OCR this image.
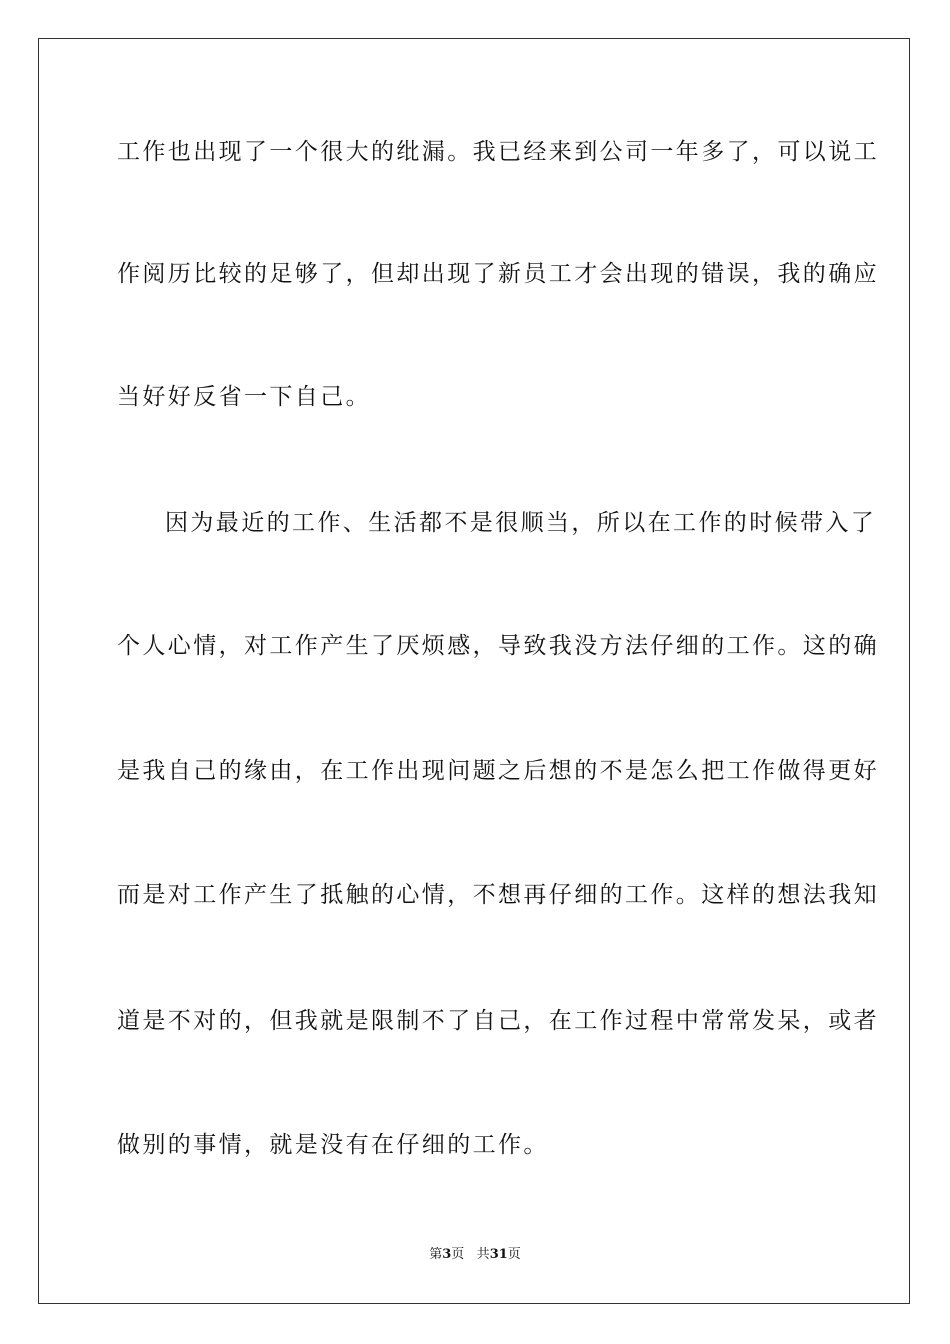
工作也出现了一个很大的纰漏。我已经来到公司一年多了，可以说工
作阅历比较的足够了，但却出现了新员工才会出现的错误，我的确应
当好好反省一下自己。
因为最近的工作、生活都不是很顺当，所以在工作的时候带入了
个人心情，对工作产生了厌烦感，导致我没方法仔细的工作。这的确
是我自己的缘由，在工作出现问题之后想的不是怎么把工作做得更好
而是对工作产生了抵触的心情，不想再仔细的工作。这样的想法我知
道是不对的，但我就是限制不了自己，在工作过程中常常发呆，或者
做别的事情，就是没有在仔细的工作。
第3页 共31页
